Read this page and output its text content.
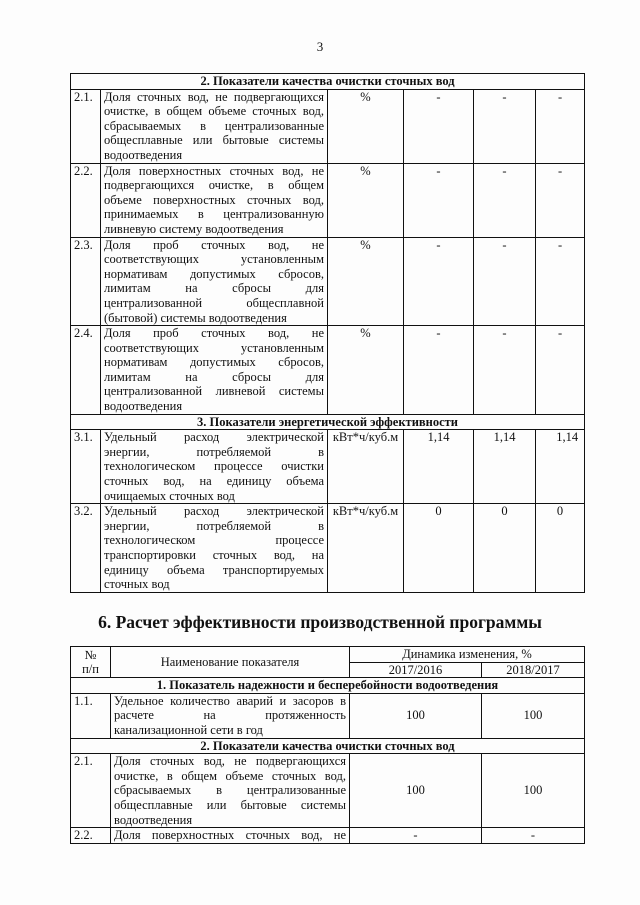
3
2. Показатели качества очистки сточных вод					
2.1.	Доля сточных вод, не подвергающихся очистке, в общем объеме сточных вод, сбрасываемых в централизованные общесплавные или бытовые системы водоотведения	%	-	-	-
2.2.	Доля поверхностных сточных вод, не подвергающихся очистке, в общем объеме поверхностных сточных вод, принимаемых в централизованную ливневую систему водоотведения	%	-	-	-
2.3.	Доля проб сточных вод, не соответствующих установленным нормативам допустимых сбросов, лимитам на сбросы для централизованной общесплавной (бытовой) системы водоотведения	%	-	-	-
2.4.	Доля проб сточных вод, не соответствующих установленным нормативам допустимых сбросов, лимитам на сбросы для централизованной ливневой системы водоотведения	%	-	-	-
3. Показатели энергетической эффективности					
3.1.	Удельный расход электрической энергии, потребляемой в технологическом процессе очистки сточных вод, на единицу объема очищаемых сточных вод	кВт*ч/куб.м	1,14	1,14	1,14
3.2.	Удельный расход электрической энергии, потребляемой в технологическом процессе транспортировки сточных вод, на единицу объема транспортируемых сточных вод	кВт*ч/куб.м	0	0	0
6. Расчет эффективности производственной программы
№
п/п	Наименование показателя	Динамика изменения, %	
		2017/2016	2018/2017
1. Показатель надежности и бесперебойности водоотведения			
1.1.	Удельное количество аварий и засоров в расчете на протяженность канализационной сети в год	100	100
2. Показатели качества очистки сточных вод			
2.1.	Доля сточных вод, не подвергающихся очистке, в общем объеме сточных вод, сбрасываемых в централизованные общесплавные или бытовые системы водоотведения	100	100
2.2.	Доля поверхностных сточных вод, не	-	-
